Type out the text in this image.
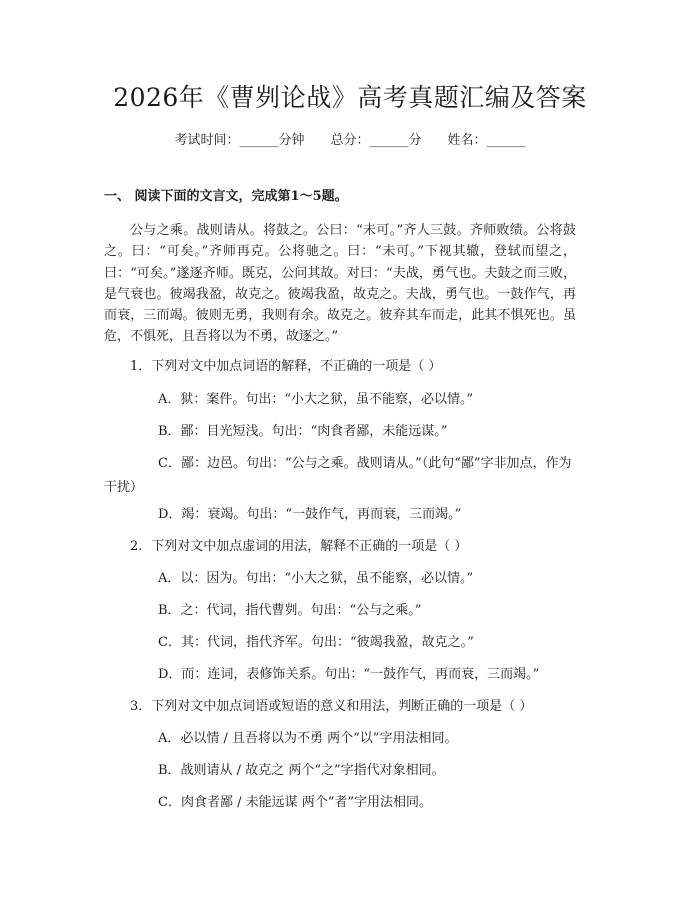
2026年《曹刿论战》高考真题汇编及答案
考试时间：______分钟 总分：______分 姓名：______
一、 阅读下面的文言文，完成第1～5题。

公与之乘。战则请从。将鼓之。公曰：“未可。”齐人三鼓。齐师败绩。公将鼓之。曰：“可矣。”齐师再克。公将驰之。曰：“未可。”下视其辙，登轼而望之，曰：“可矣。”遂逐齐师。既克，公问其故。对曰：“夫战，勇气也。夫鼓之而三败，是气衰也。彼竭我盈，故克之。彼竭我盈，故克之。夫战，勇气也。一鼓作气，再而衰，三而竭。彼则无勇，我则有余。故克之。彼弃其车而走，此其不惧死也。虽危，不惧死，且吾将以为不勇，故逐之。”

1．下列对文中加点词语的解释，不正确的一项是（ ）
A．狱：案件。句出：“小大之狱，虽不能察，必以情。”
B．鄙：目光短浅。句出：“肉食者鄙，未能远谋。”

C．鄙：边邑。句出：“公与之乘。战则请从。”（此句“鄙”字非加点，作为干扰）

D．竭：衰竭。句出：“一鼓作气，再而衰，三而竭。”
2．下列对文中加点虚词的用法，解释不正确的一项是（ ）
A．以：因为。句出：“小大之狱，虽不能察，必以情。”
B．之：代词，指代曹刿。句出：“公与之乘。”
C．其：代词，指代齐军。句出：“彼竭我盈，故克之。”
D．而：连词，表修饰关系。句出：“一鼓作气，再而衰，三而竭。”
3．下列对文中加点词语或短语的意义和用法，判断正确的一项是（ ）
A．必以情 / 且吾将以为不勇 两个“以”字用法相同。
B．战则请从 / 故克之 两个“之”字指代对象相同。
C．肉食者鄙 / 未能远谋 两个“者”字用法相同。
